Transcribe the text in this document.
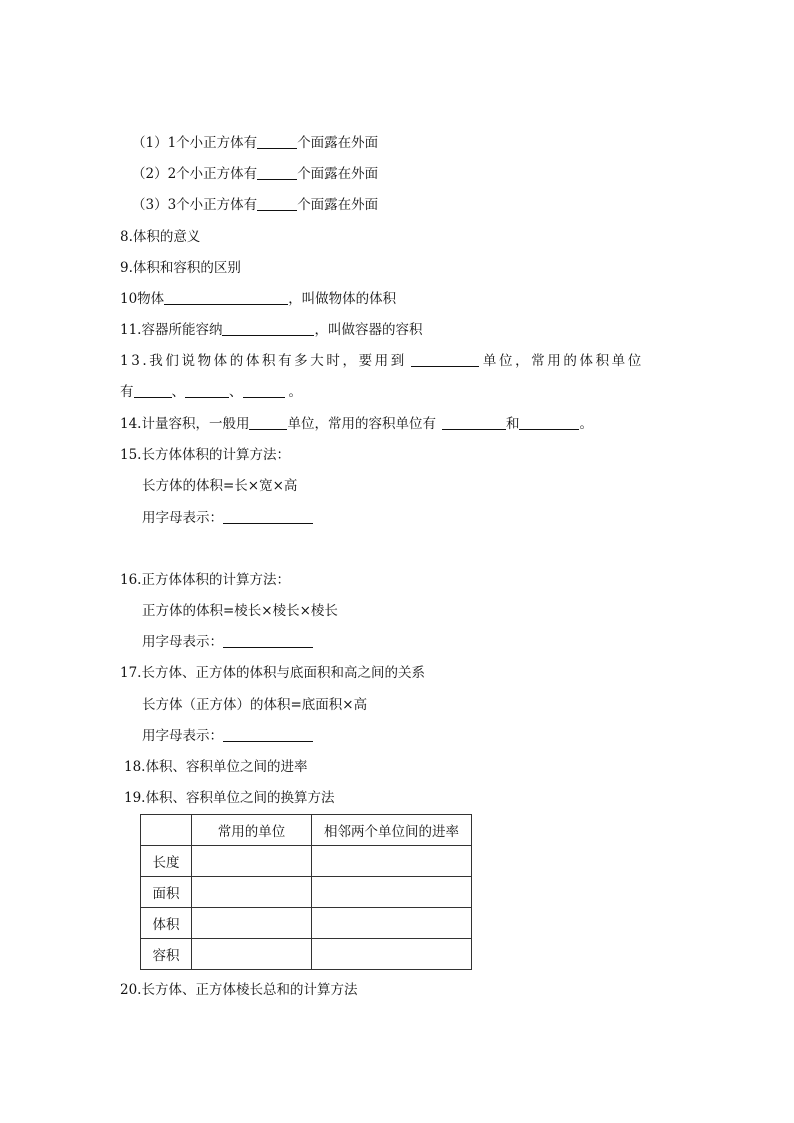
（1）1个小正方体有	个面露在外面
（2）2个小正方体有	个面露在外面
（3）3个小正方体有	个面露在外面
8.体积的意义
9.体积和容积的区别
10物体	，叫做物体的体积
11.容器所能容纳	，叫做容器的容积
13.我们说物体的体积有多大时，要用到	单位，常用的体积单位
有	、	、	。
14.计量容积，一般用	单位，常用的容积单位有	和	。
15.长方体体积的计算方法：
长方体的体积=长×宽×高
用字母表示：
16.正方体体积的计算方法：
正方体的体积=棱长×棱长×棱长
用字母表示：
17.长方体、正方体的体积与底面积和高之间的关系
长方体（正方体）的体积=底面积×高
用字母表示：
18.体积、容积单位之间的进率
19.体积、容积单位之间的换算方法
	常用的单位	相邻两个单位间的进率
长度		
面积		
体积		
容积		
20.长方体、正方体棱长总和的计算方法
